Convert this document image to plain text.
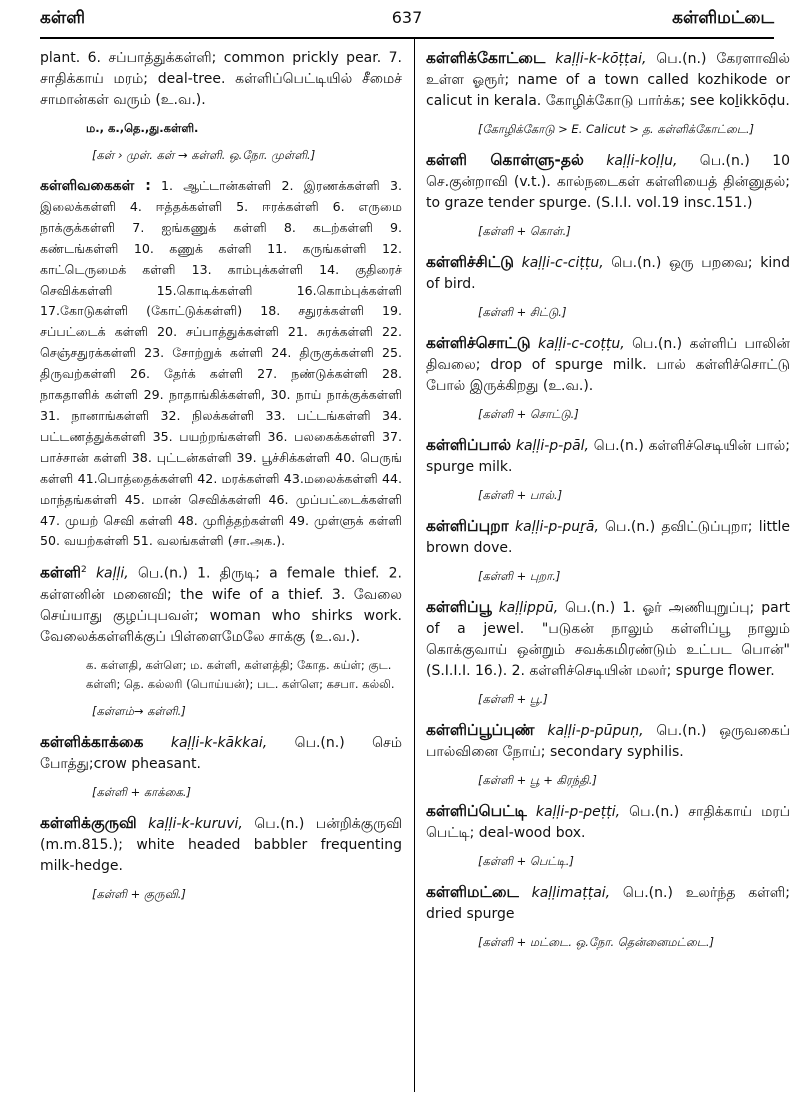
கள்ளி	637	கள்ளிமட்டை
plant. 6. சப்பாத்துக்கள்ளி; common prickly pear. 7. சாதிக்காய் மரம்; deal-tree. கள்ளிப்பெட்டியில் சீமைச் சாமான்கள் வரும் (உ.வ.).
ம., க.,தெ.,து.கள்ளி.
[கள் › முள். கள் → கள்ளி. ஒ.நோ. முள்ளி.]
கள்ளிவகைகள் : 1. ஆட்டான்கள்ளி 2. இரணக்கள்ளி 3. இலைக்கள்ளி 4. ஈத்தக்கள்ளி 5. ஈரக்கள்ளி 6. எருமை நாக்குக்கள்ளி 7. ஐங்கணுக் கள்ளி 8. கடற்கள்ளி 9. கண்டங்கள்ளி 10. கணுக் கள்ளி 11. கருங்கள்ளி 12. காட்டெருமைக் கள்ளி 13. காம்புக்கள்ளி 14. குதிரைச் செவிக்கள்ளி 15.கொடிக்கள்ளி 16.கொம்புக்கள்ளி 17.கோடுகள்ளி (கோட்டுக்கள்ளி) 18. சதுரக்கள்ளி 19. சப்பட்டைக் கள்ளி 20. சப்பாத்துக்கள்ளி 21. சுரக்கள்ளி 22. செஞ்சதுரக்கள்ளி 23. சோற்றுக் கள்ளி 24. திருகுக்கள்ளி 25. திருவற்கள்ளி 26. தேர்க் கள்ளி 27. நண்டுக்கள்ளி 28. நாகதாளிக் கள்ளி 29. நாதாங்கிக்கள்ளி, 30. நாய் நாக்குக்கள்ளி 31. நானாங்கள்ளி 32. நிலக்கள்ளி 33. பட்டங்கள்ளி 34. பட்டணத்துக்கள்ளி 35. பயற்றங்கள்ளி 36. பலகைக்கள்ளி 37. பாச்சான் கள்ளி 38. புட்டன்கள்ளி 39. பூச்சிக்கள்ளி 40. பெருங் கள்ளி 41.பொத்தைக்கள்ளி 42. மரக்கள்ளி 43.மலைக்கள்ளி 44. மாந்தங்கள்ளி 45. மான் செவிக்கள்ளி 46. முப்பட்டைக்கள்ளி 47. முயற் செவி கள்ளி 48. முரித்தற்கள்ளி 49. முள்ளுக் கள்ளி 50. வயற்கள்ளி 51. வலங்கள்ளி (சா.அக.).
கள்ளி$^2$ kaḷḷi, பெ.(n.) 1. திருடி; a female thief. 2. கள்ளனின் மனைவி; the wife of a thief. 3. வேலை செய்யாது குழப்புபவள்; woman who shirks work. வேலைக்கள்ளிக்குப் பிள்ளைமேலே சாக்கு (உ.வ.).
க. கள்ளதி, கள்ளெ; ம. கள்ளி, கள்ளத்தி; கோத. கய்ள்; குட. கள்ளி; தெ. கல்லரி (பொய்யன்); பட. கள்ளெ; கசபா. கல்லி.
[கள்ளம்→ கள்ளி.]
கள்ளிக்காக்கை kaḷḷi-k-kākkai, பெ.(n.) செம் போத்து;crow pheasant.
[கள்ளி + காக்கை.]
கள்ளிக்குருவி kaḷḷi-k-kuruvi, பெ.(n.) பன்றிக்குருவி (m.m.815.); white headed babbler frequenting milk-hedge.
[கள்ளி + குருவி.]
கள்ளிக்கோட்டை kaḷḷi-k-kōṭṭai, பெ.(n.) கேரளாவில் உள்ள ஓரூர்; name of a town called kozhikode or calicut in kerala. கோழிக்கோடு பார்க்க; see koḻikkōḍu.
[கோழிக்கோடு > E. Calicut > த. கள்ளிக்கோட்டை.]
கள்ளி கொள்ளு-தல் kaḷḷi-koḷḷu, பெ.(n.) 10 செ.குன்றாவி (v.t.). கால்நடைகள் கள்ளியைத் தின்னுதல்; to graze tender spurge. (S.I.I. vol.19 insc.151.)
[கள்ளி + கொள்.]
கள்ளிச்சிட்டு kaḷḷi-c-ciṭṭu, பெ.(n.) ஒரு பறவை; kind of bird.
[கள்ளி + சிட்டு.]
கள்ளிச்சொட்டு kaḷḷi-c-coṭṭu, பெ.(n.) கள்ளிப் பாலின் திவலை; drop of spurge milk. பால் கள்ளிச்சொட்டு போல் இருக்கிறது (உ.வ.).
[கள்ளி + சொட்டு.]
கள்ளிப்பால் kaḷḷi-p-pāl, பெ.(n.) கள்ளிச்செடியின் பால்; spurge milk.
[கள்ளி + பால்.]
கள்ளிப்புறா kaḷḷi-p-puṟā, பெ.(n.) தவிட்டுப்புறா; little brown dove.
[கள்ளி + புறா.]
கள்ளிப்பூ kaḷḷippū, பெ.(n.) 1. ஓர் அணியுறுப்பு; part of a jewel. "படுகன் நாலும் கள்ளிப்பூ நாலும் கொக்குவாய் ஒன்றும் சவக்கமிரண்டும் உட்பட பொன்" (S.I.I.I. 16.). 2. கள்ளிச்செடியின் மலர்; spurge flower.
[கள்ளி + பூ.]
கள்ளிப்பூப்புண் kaḷḷi-p-pūpuṇ, பெ.(n.) ஒருவகைப் பால்வினை நோய்; secondary syphilis.
[கள்ளி + பூ + கிரந்தி.]
கள்ளிப்பெட்டி kaḷḷi-p-peṭṭi, பெ.(n.) சாதிக்காய் மரப் பெட்டி; deal-wood box.
[கள்ளி + பெட்டி.]
கள்ளிமட்டை kaḷḷimaṭṭai, பெ.(n.) உலர்ந்த கள்ளி; dried spurge
[கள்ளி + மட்டை. ஒ.நோ. தென்னைமட்டை.]
